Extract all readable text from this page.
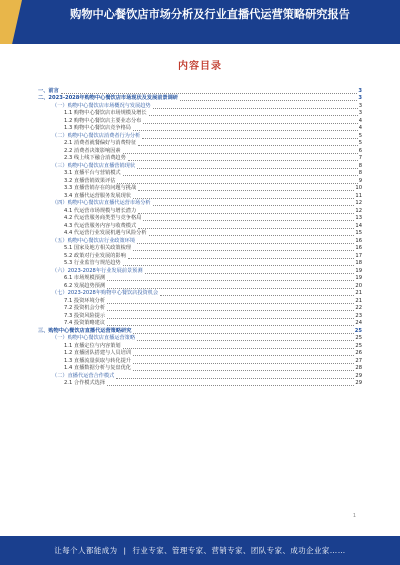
购物中心餐饮店市场分析及行业直播代运营策略研究报告
内容目录
一、前言	3
二、2023-2028年购物中心餐饮店市场现状及发展前景调研	3
（一）购物中心餐饮店市场概况与发展趋势	3
1.1 购物中心餐饮店市场规模及增长	3
1.2 购物中心餐饮店主要业态分布	4
1.3 购物中心餐饮店竞争格局	4
（二）购物中心餐饮店消费者行为分析	5
2.1 消费者就餐偏好与消费特征	5
2.2 消费者决策影响因素	6
2.3 线上线下融合消费趋势	7
（三）购物中心餐饮店直播营销现状	8
3.1 直播平台与营销模式	8
3.2 直播营销效果评估	9
3.3 直播营销存在的问题与挑战	10
3.4 直播代运营服务发展现状	11
（四）购物中心餐饮店直播代运营市场分析	12
4.1 代运营市场规模与增长潜力	12
4.2 代运营服务商类型与竞争格局	13
4.3 代运营服务内容与收费模式	14
4.4 代运营行业发展机遇与风险分析	15
（五）购物中心餐饮店行业政策环境	16
5.1 国家及地方相关政策梳理	16
5.2 政策对行业发展的影响	17
5.3 行业监管与规范趋势	18
（六）2023-2028年行业发展前景预测	19
6.1 市场规模预测	19
6.2 发展趋势预测	20
（七）2023-2028年购物中心餐饮店投资机会	21
7.1 投资环境分析	21
7.2 投资机会分析	22
7.3 投资风险提示	23
7.4 投资策略建议	24
三、购物中心餐饮店直播代运营策略研究	25
（一）购物中心餐饮店直播运营策略	25
1.1 直播定位与内容策划	25
1.2 直播团队搭建与人员培训	26
1.3 直播流量获取与转化提升	27
1.4 直播数据分析与复盘优化	28
（二）直播代运营合作模式	29
2.1 合作模式选择	29
1
让每个人都能成为 | 行业专家、管理专家、营销专家、团队专家、成功企业家……
